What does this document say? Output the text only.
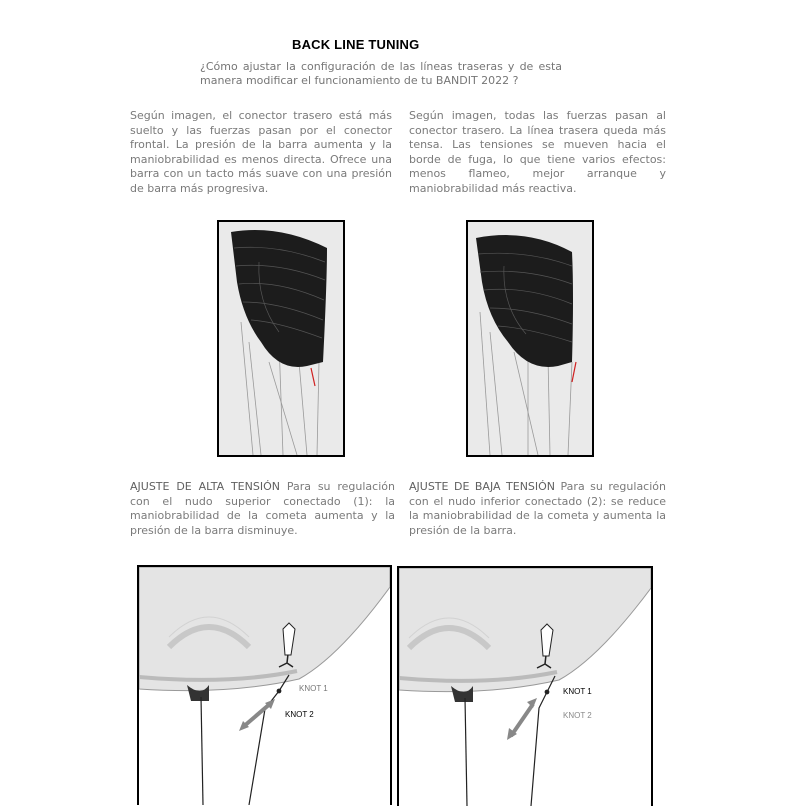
BACK LINE TUNING
¿Cómo ajustar la configuración de las líneas traseras y de esta manera modificar el funcionamiento de tu BANDIT 2022 ?
Según imagen, el conector trasero está más suelto y las fuerzas pasan por el conector frontal. La presión de la barra aumenta y la maniobrabilidad es menos directa. Ofrece una barra con un tacto más suave con una presión de barra más progresiva.
Según imagen, todas las fuerzas pasan al conector trasero. La línea trasera queda más tensa. Las tensiones se mueven hacia el borde de fuga, lo que tiene varios efectos: menos flameo, mejor arranque y maniobrabilidad más reactiva.
AJUSTE DE ALTA TENSIÓN Para su regulación con el nudo superior conectado (1): la maniobrabilidad de la cometa aumenta y la presión de la barra disminuye.
AJUSTE DE BAJA TENSIÓN Para su regulación con el nudo inferior conectado (2): se reduce la maniobrabilidad de la cometa y aumenta la presión de la barra.
KNOT 1
KNOT 2
KNOT 1
KNOT 2
